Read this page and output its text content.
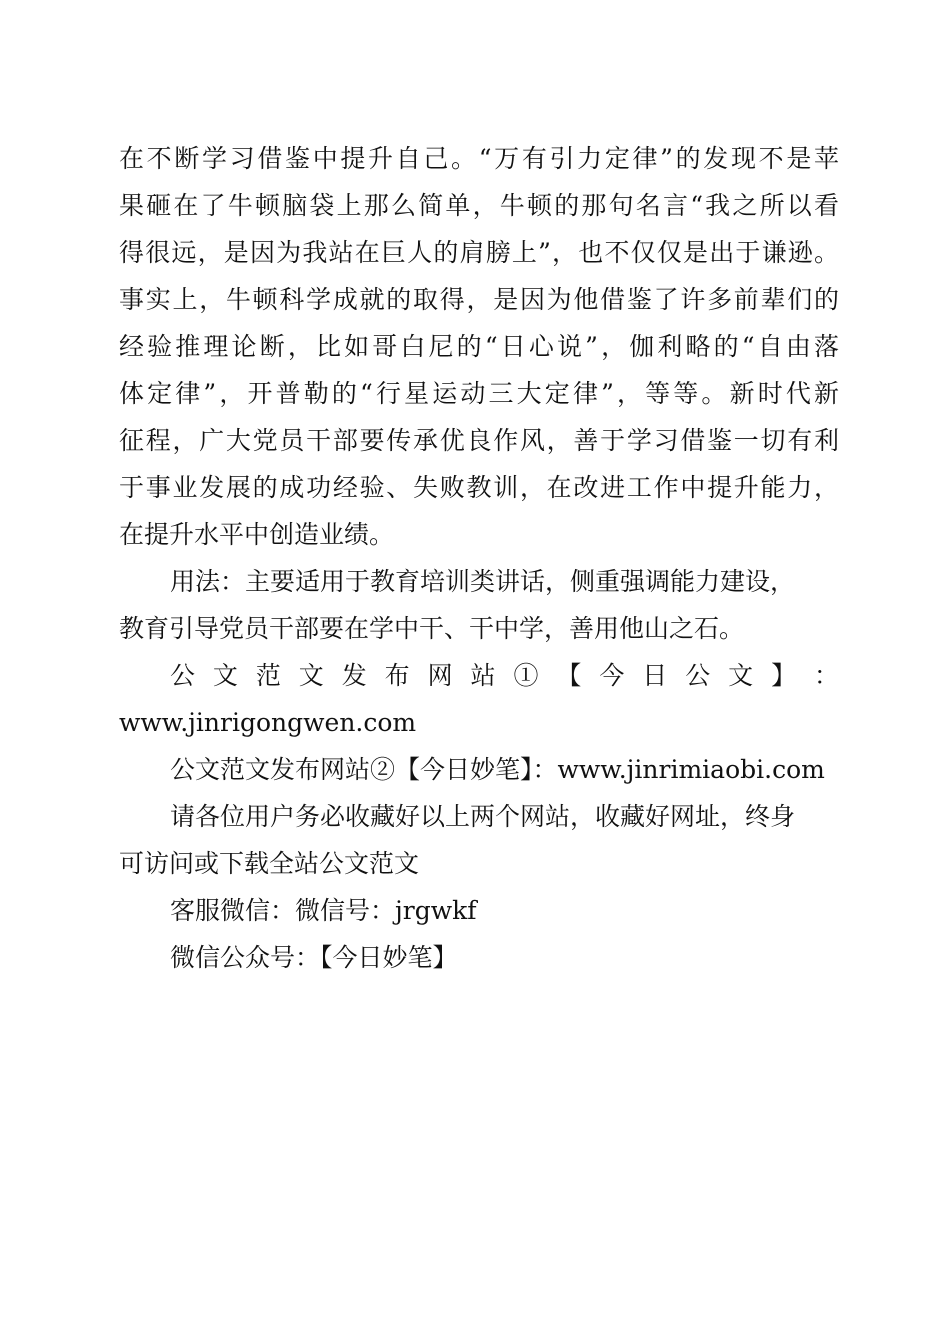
在不断学习借鉴中提升自己。“万有引力定律”的发现不是苹
果砸在了牛顿脑袋上那么简单，牛顿的那句名言“我之所以看
得很远，是因为我站在巨人的肩膀上”，也不仅仅是出于谦逊。
事实上，牛顿科学成就的取得，是因为他借鉴了许多前辈们的
经验推理论断，比如哥白尼的“日心说”，伽利略的“自由落
体定律”，开普勒的“行星运动三大定律”，等等。新时代新
征程，广大党员干部要传承优良作风，善于学习借鉴一切有利
于事业发展的成功经验、失败教训，在改进工作中提升能力，
在提升水平中创造业绩。
用法：主要适用于教育培训类讲话，侧重强调能力建设，
教育引导党员干部要在学中干、干中学，善用他山之石。
公 文 范 文 发 布 网 站 ① 【 今 日 公 文 】 ：
www.jinrigongwen.com
公文范文发布网站②【今日妙笔】：www.jinrimiaobi.com
请各位用户务必收藏好以上两个网站，收藏好网址，终身
可访问或下载全站公文范文
客服微信：微信号：jrgwkf
微信公众号：【今日妙笔】
